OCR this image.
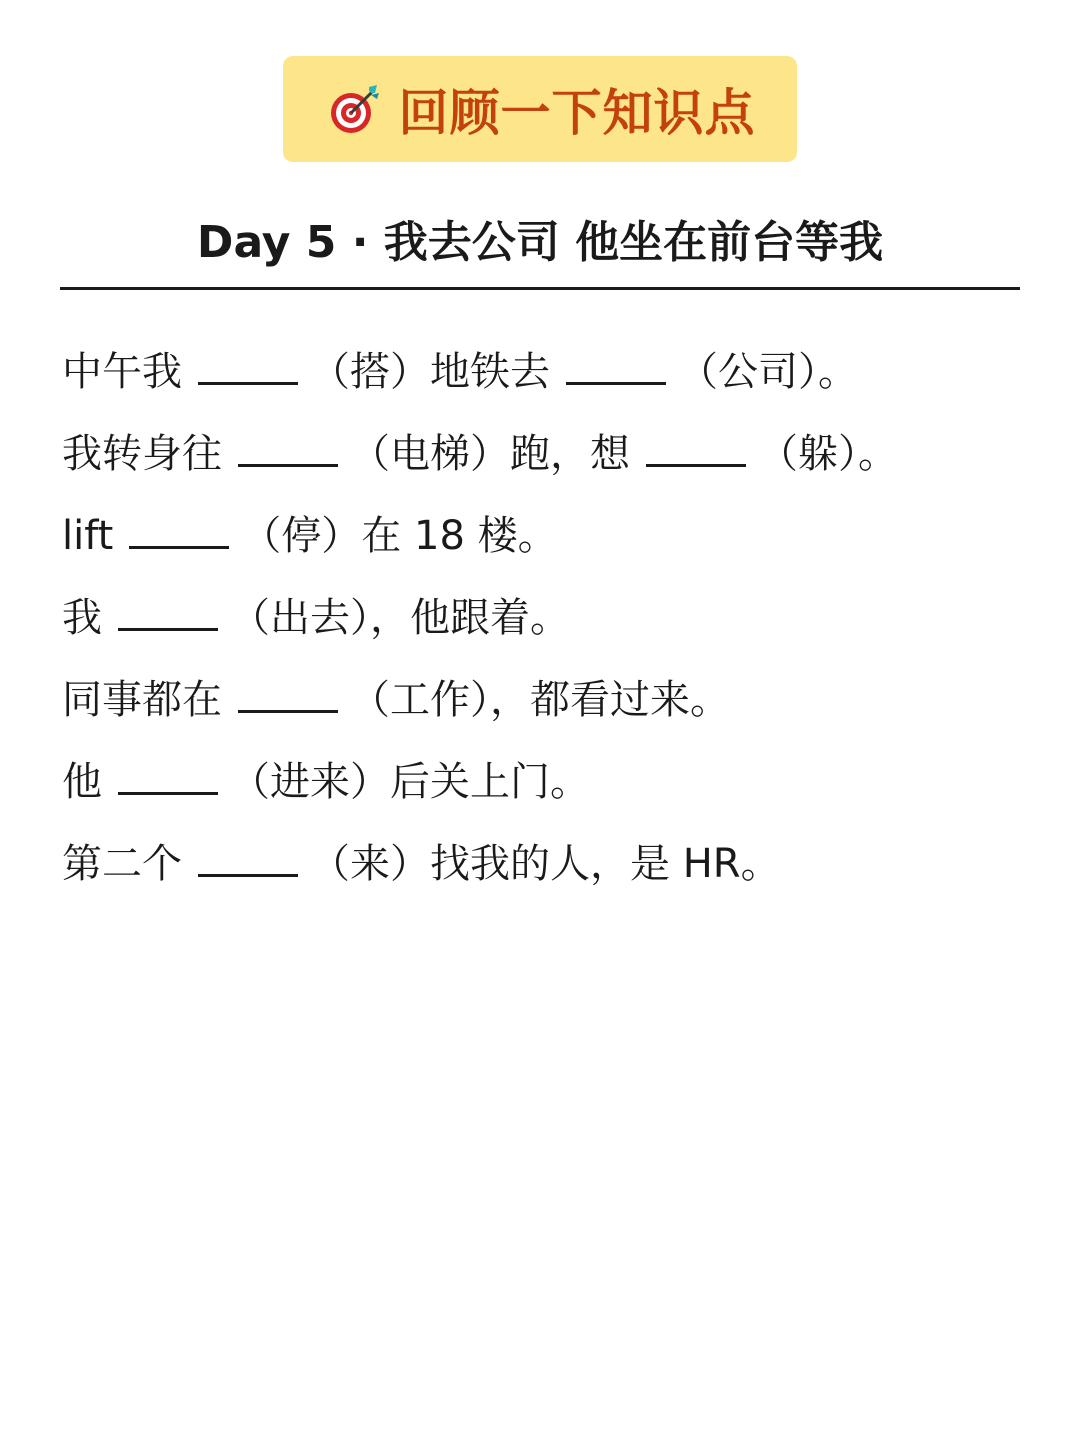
回顾一下知识点
Day 5 · 我去公司 他坐在前台等我
中午我	（搭）地铁去	（公司）。
我转身往	（电梯）跑，想	（躲）。
lift	（停）在 18 楼。
我	（出去），他跟着。
同事都在	（工作），都看过来。
他	（进来）后关上门。
第二个	（来）找我的人，是 HR。
